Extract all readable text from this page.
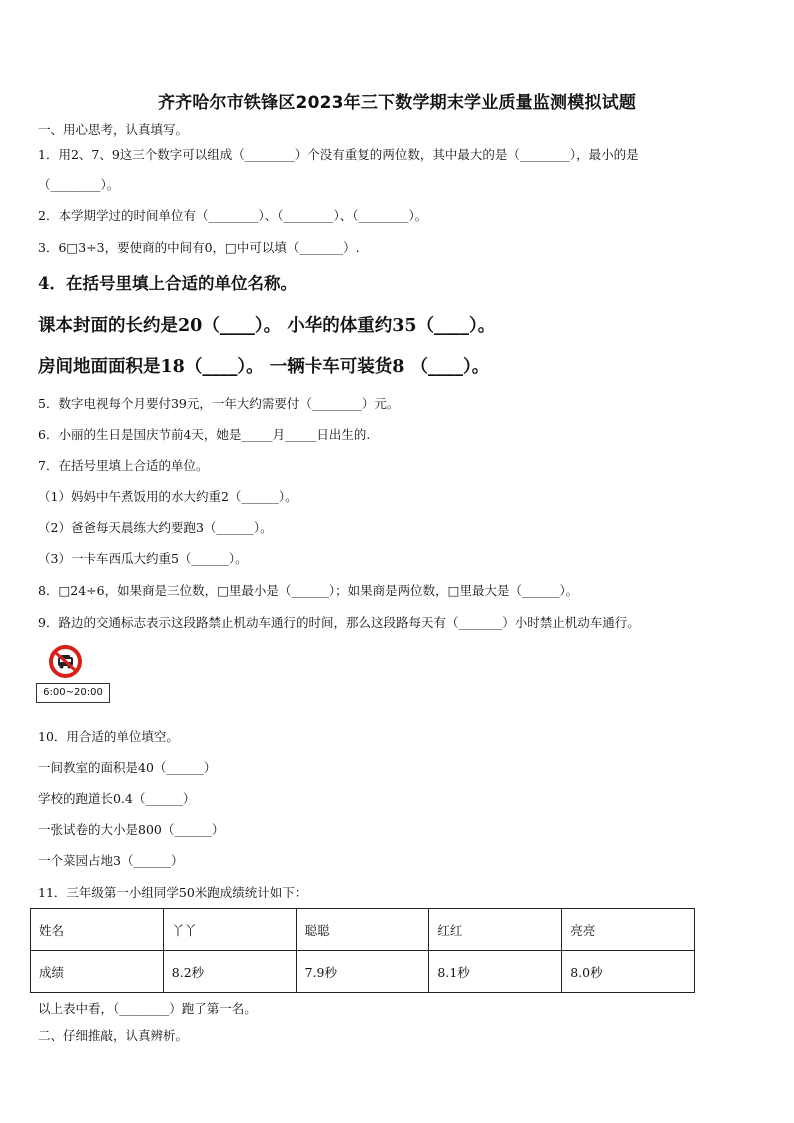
齐齐哈尔市铁锋区2023年三下数学期末学业质量监测模拟试题
一、用心思考，认真填写。
1．用2、7、9这三个数字可以组成（________）个没有重复的两位数，其中最大的是（________），最小的是
（________）。
2．本学期学过的时间单位有（________）、（________）、（________）。
3．6□3÷3，要使商的中间有0，□中可以填（_______）.
4．在括号里填上合适的单位名称。
课本封面的长约是20（____）。 小华的体重约35（____）。
房间地面面积是18（____）。 一辆卡车可装货8 （____）。
5．数字电视每个月要付39元，一年大约需要付（________）元。
6．小丽的生日是国庆节前4天，她是_____月_____日出生的.
7．在括号里填上合适的单位。
（1）妈妈中午煮饭用的水大约重2（______）。
（2）爸爸每天晨练大约要跑3（______）。
（3）一卡车西瓜大约重5（______）。
8．□24÷6，如果商是三位数，□里最小是（______）；如果商是两位数，□里最大是（______）。
9．路边的交通标志表示这段路禁止机动车通行的时间，那么这段路每天有（_______）小时禁止机动车通行。
6:00~20:00
10．用合适的单位填空。
一间教室的面积是40（______）
学校的跑道长0.4（______）
一张试卷的大小是800（______）
一个菜园占地3（______）
11．三年级第一小组同学50米跑成绩统计如下：
姓名	丫丫	聪聪	红红	亮亮
成绩	8.2秒	7.9秒	8.1秒	8.0秒
以上表中看，（________）跑了第一名。
二、仔细推敲，认真辨析。
